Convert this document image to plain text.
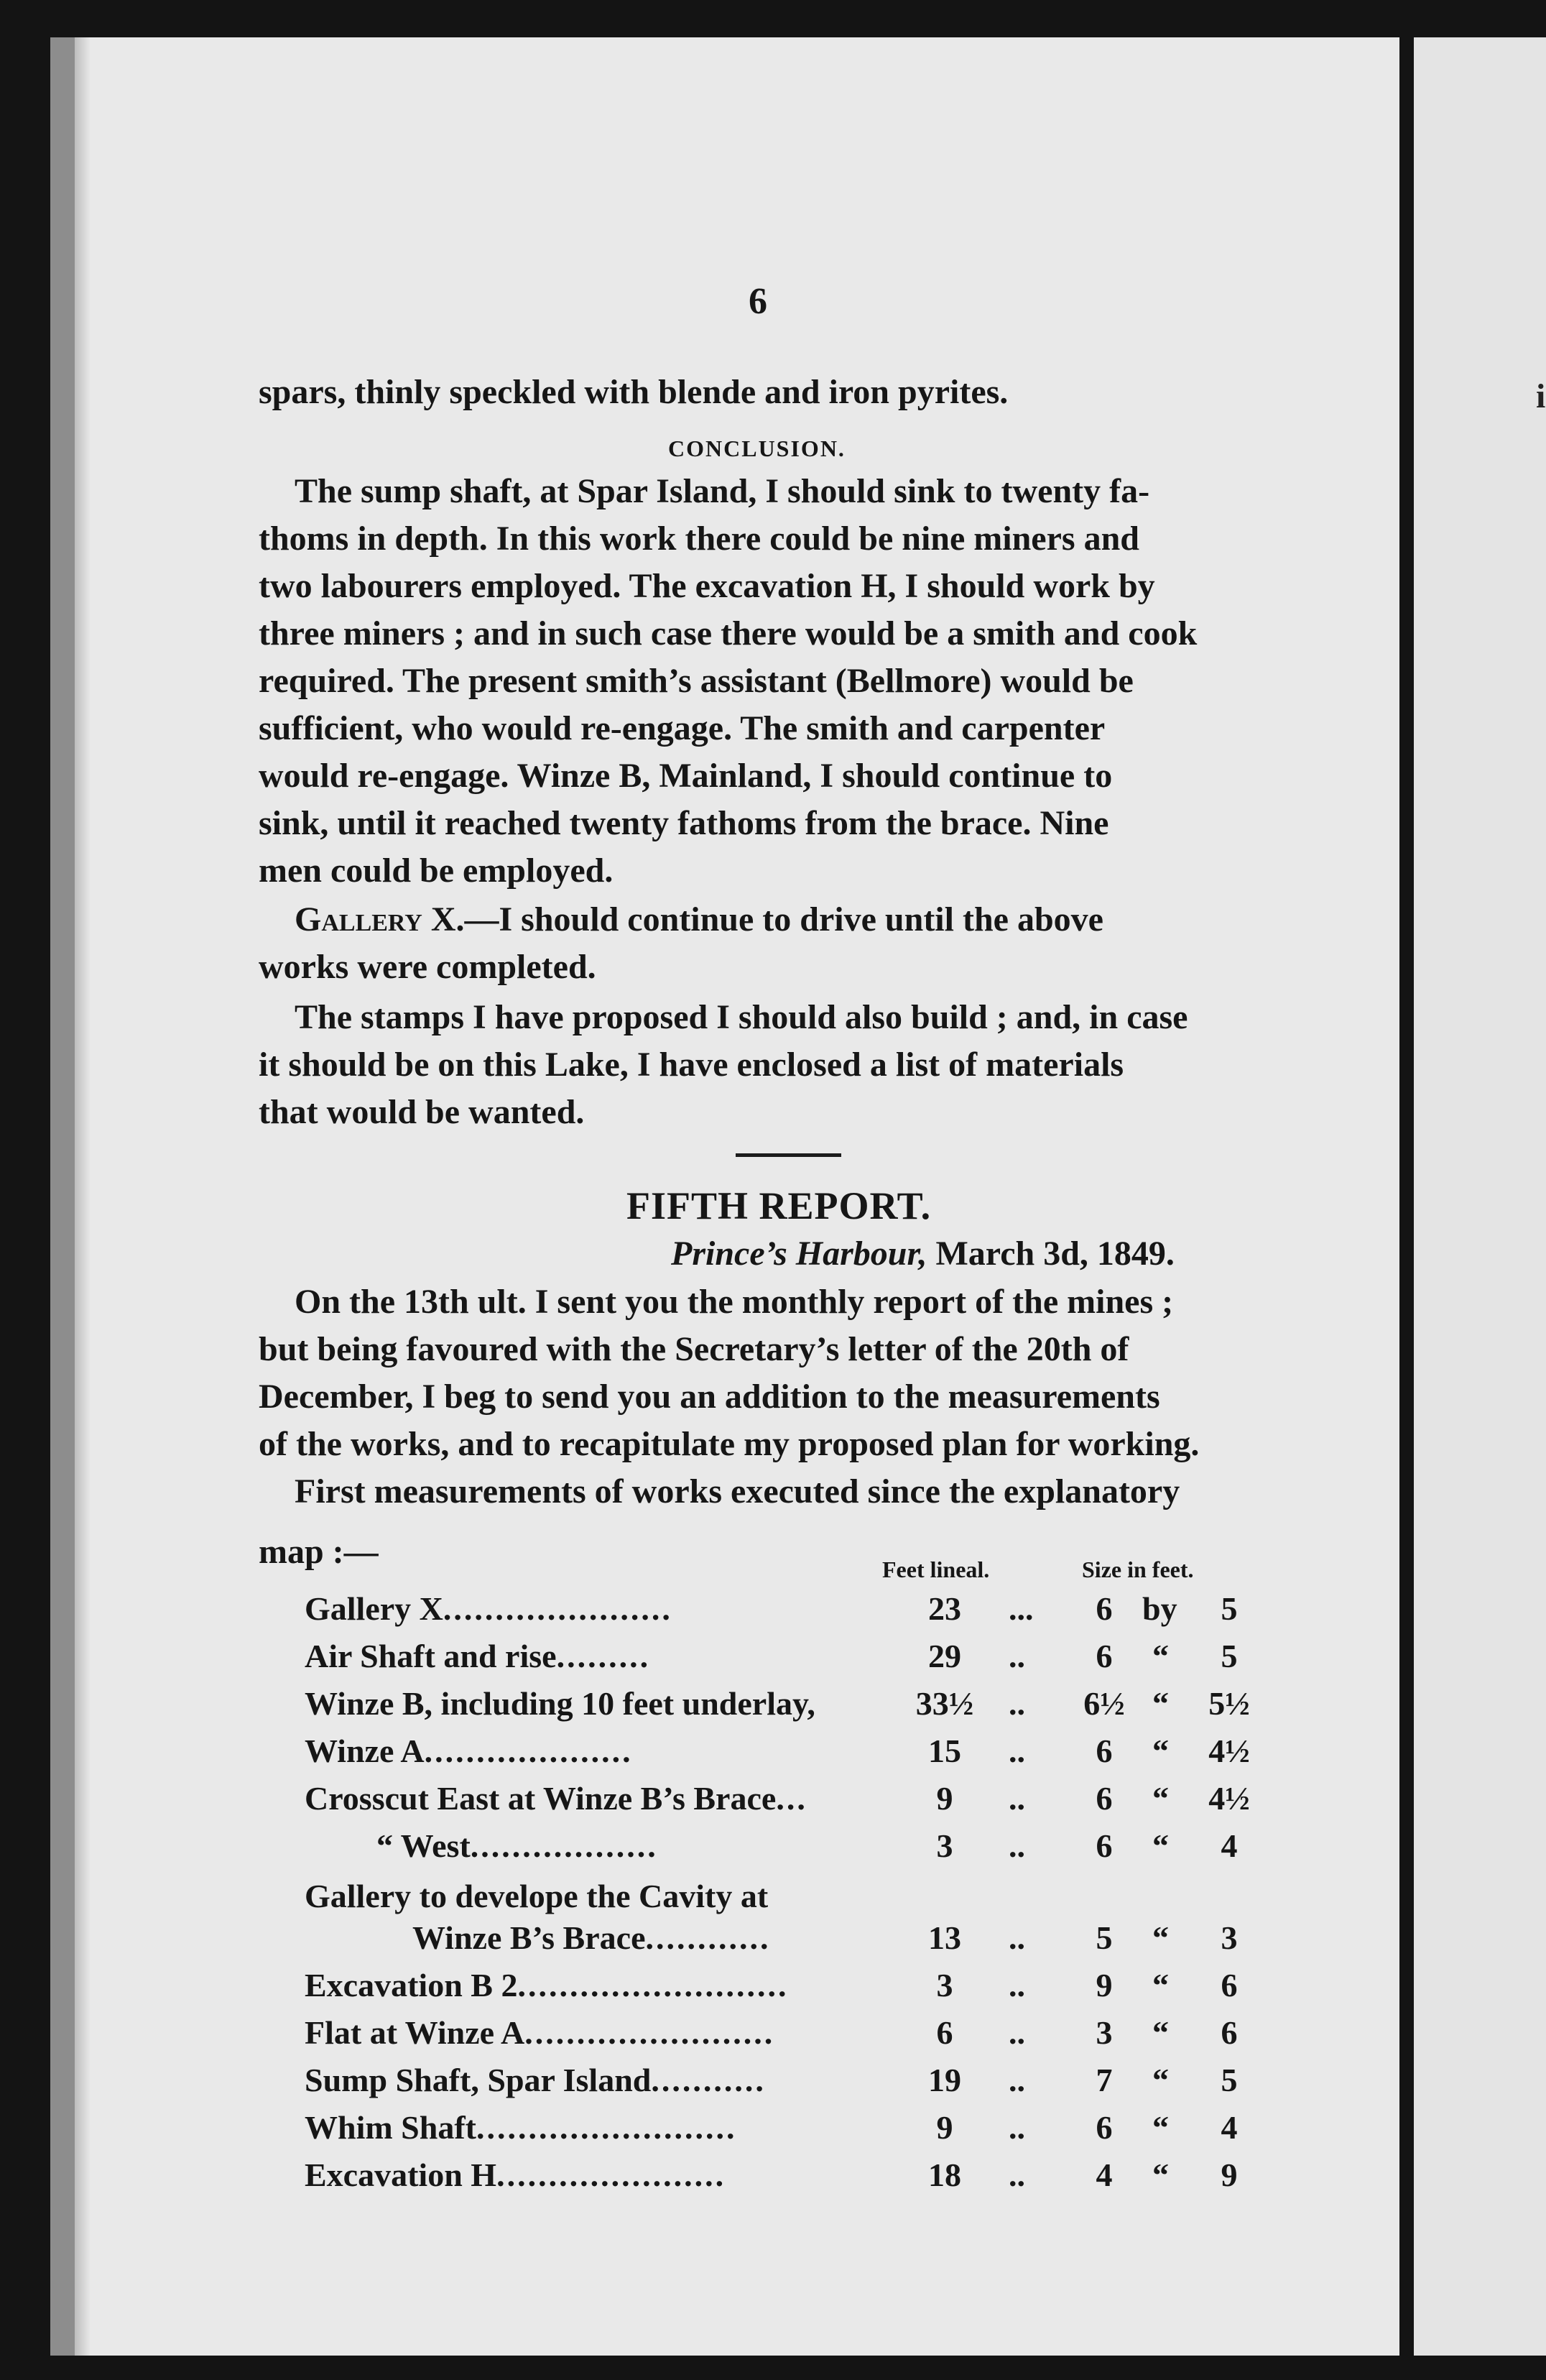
6
spars, thinly speckled with blende and iron pyrites.
CONCLUSION.
The sump shaft, at Spar Island, I should sink to twenty fa-
thoms in depth. In this work there could be nine miners and
two labourers employed. The excavation H, I should work by
three miners ; and in such case there would be a smith and cook
required. The present smith’s assistant (Bellmore) would be
sufficient, who would re-engage. The smith and carpenter
would re-engage. Winze B, Mainland, I should continue to
sink, until it reached twenty fathoms from the brace. Nine
men could be employed.
Gallery X.—I should continue to drive until the above
works were completed.
The stamps I have proposed I should also build ; and, in case
it should be on this Lake, I have enclosed a list of materials
that would be wanted.
FIFTH REPORT.
Prince’s Harbour, March 3d, 1849.
On the 13th ult. I sent you the monthly report of the mines ;
but being favoured with the Secretary’s letter of the 20th of
December, I beg to send you an addition to the measurements
of the works, and to recapitulate my proposed plan for working.
First measurements of works executed since the explanatory
map :—	Feet lineal.	Size in feet.
Gallery X......................	23	...	6 by	5
Air Shaft and rise.........	29	..	6	“	5
Winze B, including 10 feet underlay,	33½ ..	6½ “	5½
Winze A....................	15	..	6	“	4½
Crosscut East at Winze B’s Brace...	9	..	6	“	4½
“ West..................	3	..	6	“	4
Gallery to develope the Cavity at
Winze B’s Brace............	13	..	5	“	3
Excavation B 2..........................	3	..	9	“	6
Flat at Winze A........................	6	..	3	“	6
Sump Shaft, Spar Island...........	19	..	7	“	5
Whim Shaft.........................	9	..	6	“	4
Excavation H......................	18	..	4	“	9
i
